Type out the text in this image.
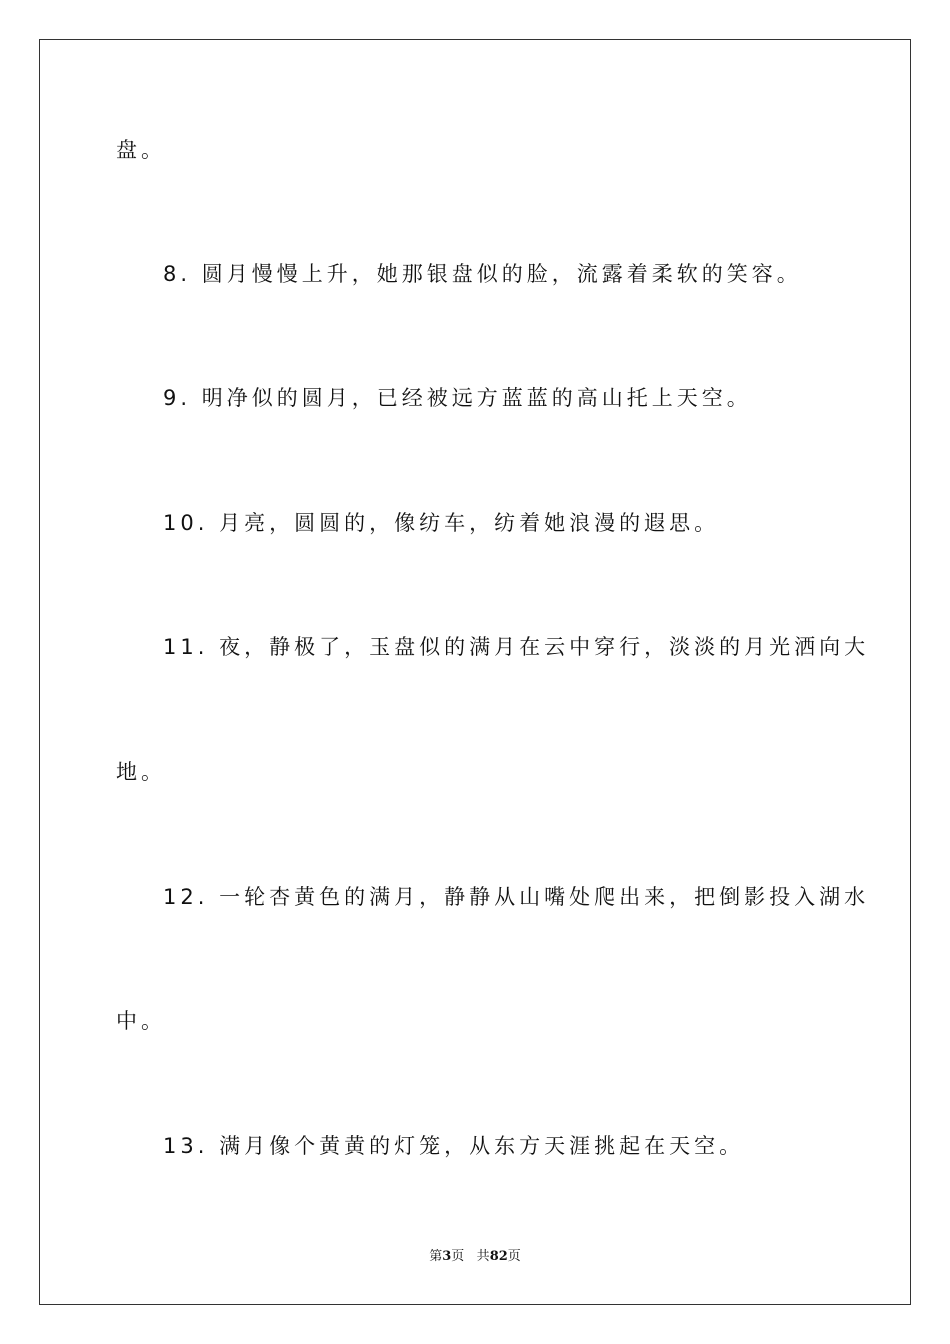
盘。
8. 圆月慢慢上升，她那银盘似的脸，流露着柔软的笑容。
9. 明净似的圆月，已经被远方蓝蓝的高山托上天空。
10. 月亮，圆圆的，像纺车，纺着她浪漫的遐思。
11. 夜，静极了，玉盘似的满月在云中穿行，淡淡的月光洒向大
地。
12. 一轮杏黄色的满月，静静从山嘴处爬出来，把倒影投入湖水
中。
13. 满月像个黄黄的灯笼，从东方天涯挑起在天空。
第3页 共82页
